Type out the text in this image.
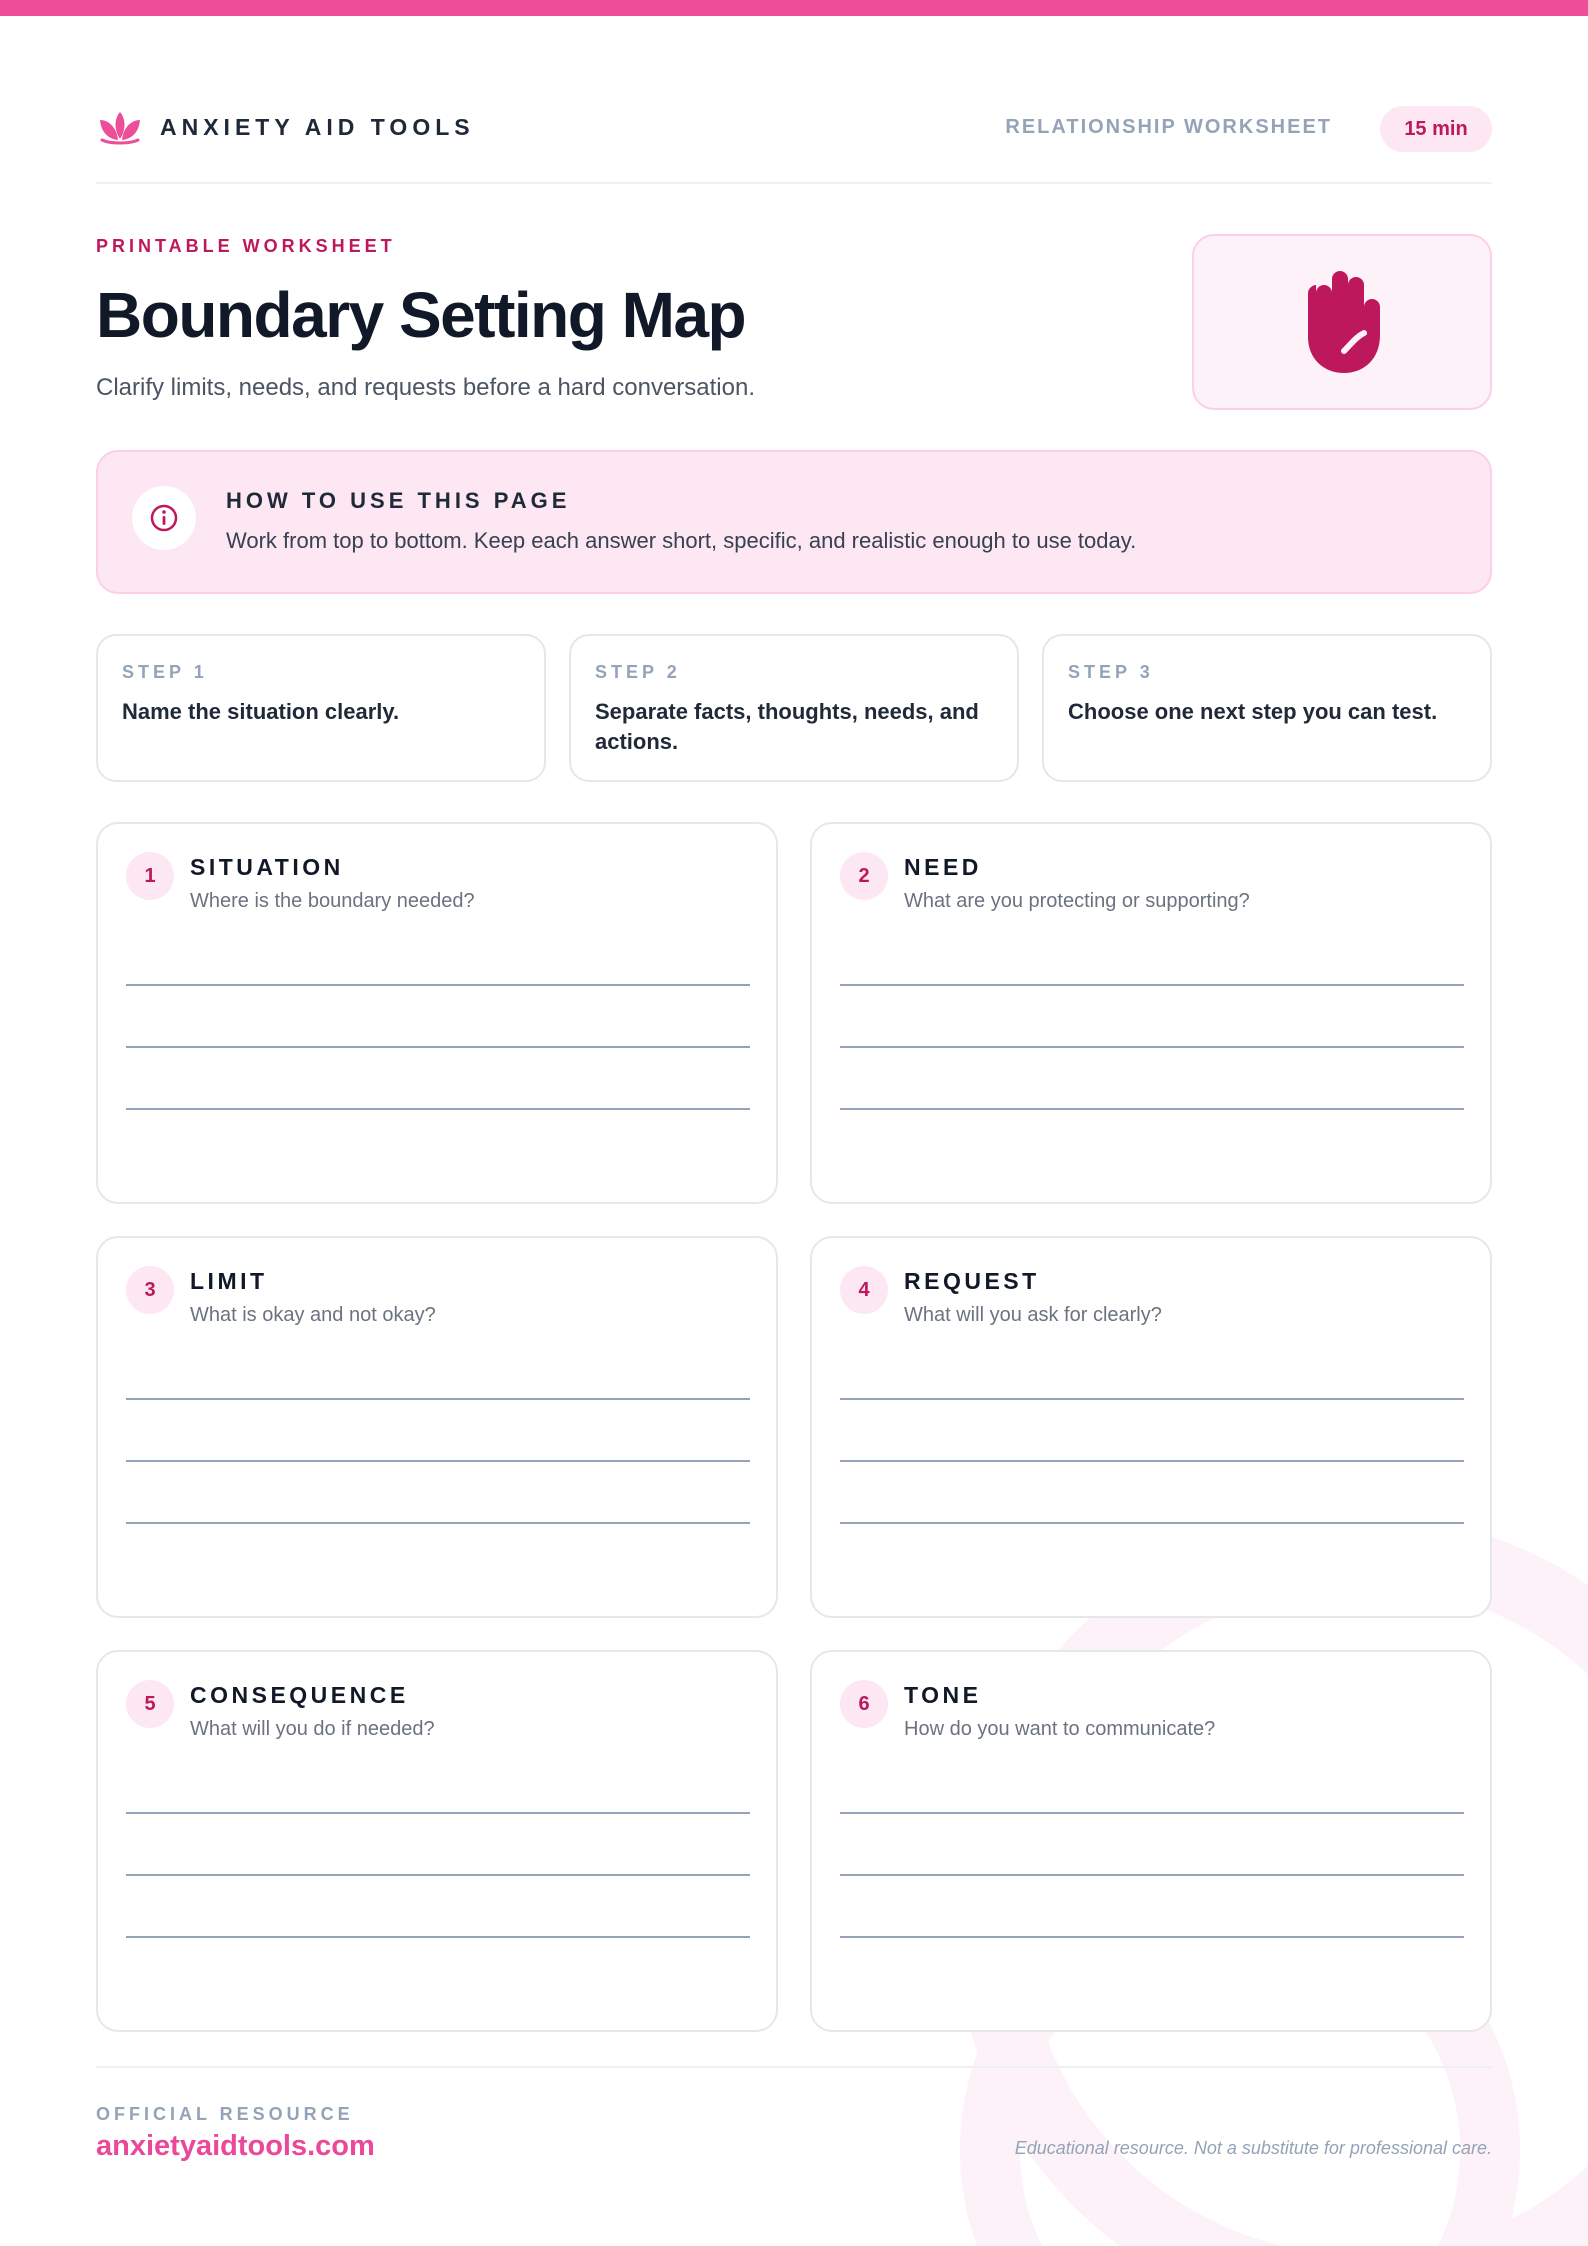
ANXIETY AID TOOLS	RELATIONSHIP WORKSHEET	15 min
PRINTABLE WORKSHEET
Boundary Setting Map

Clarify limits, needs, and requests before a hard conversation.

HOW TO USE THIS PAGE
Work from top to bottom. Keep each answer short, specific, and realistic enough to use today.
STEP 1
Name the situation clearly.
STEP 2
Separate facts, thoughts, needs, and actions.
STEP 3
Choose one next step you can test.
1	SITUATION
Where is the boundary needed?
2	NEED
What are you protecting or supporting?
3	LIMIT
What is okay and not okay?
4	REQUEST
What will you ask for clearly?
5	CONSEQUENCE
What will you do if needed?
6	TONE
How do you want to communicate?
OFFICIAL RESOURCE
anxietyaidtools.com	Educational resource. Not a substitute for professional care.
